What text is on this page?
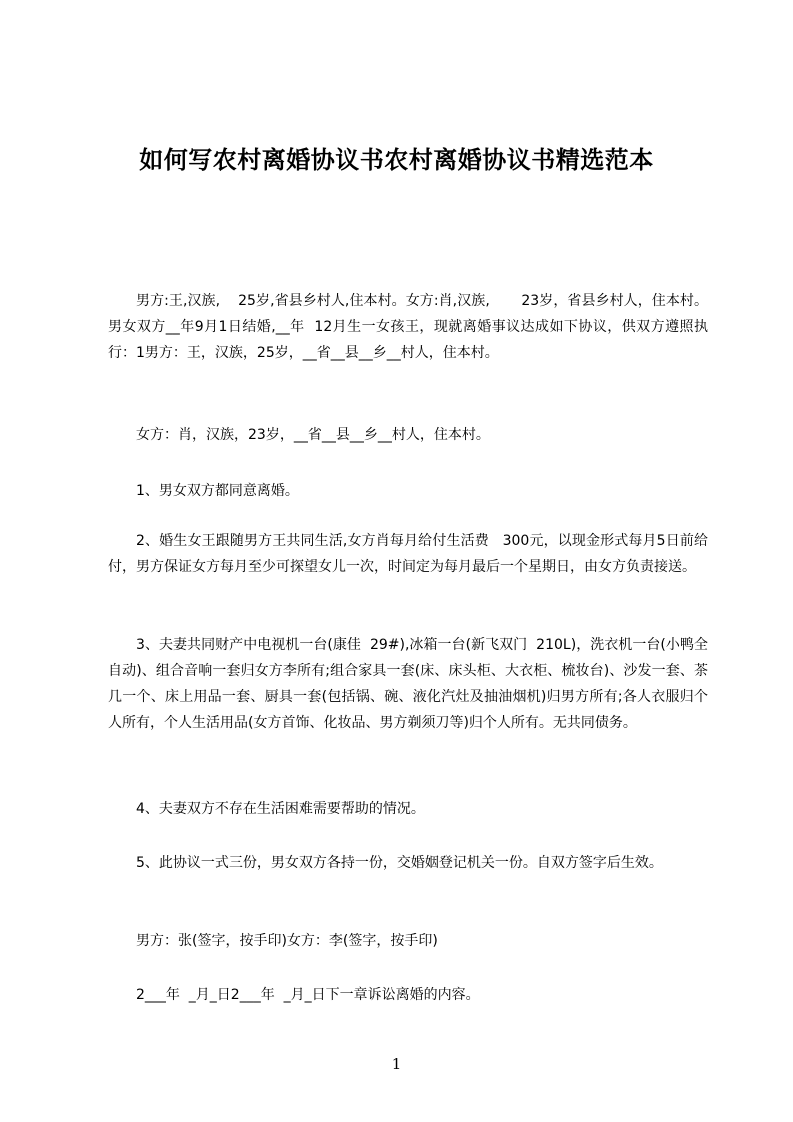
如何写农村离婚协议书农村离婚协议书精选范本

男方:王,汉族,    25岁,省县乡村人,住本村。女方:肖,汉族,       23岁，省县乡村人，住本村。男女双方__年9月1日结婚,__年  12月生一女孩王，现就离婚事议达成如下协议，供双方遵照执行：1男方：王，汉族，25岁，__省__县__乡__村人，住本村。

女方：肖，汉族，23岁，__省__县__乡__村人，住本村。

1、男女双方都同意离婚。

2、婚生女王跟随男方王共同生活,女方肖每月给付生活费   300元，以现金形式每月5日前给付，男方保证女方每月至少可探望女儿一次，时间定为每月最后一个星期日，由女方负责接送。

3、夫妻共同财产中电视机一台(康佳  29#),冰箱一台(新飞双门  210L)，洗衣机一台(小鸭全自动)、组合音响一套归女方李所有;组合家具一套(床、床头柜、大衣柜、梳妆台)、沙发一套、茶几一个、床上用品一套、厨具一套(包括锅、碗、液化汽灶及抽油烟机)归男方所有;各人衣服归个人所有，个人生活用品(女方首饰、化妆品、男方剃须刀等)归个人所有。无共同债务。

4、夫妻双方不存在生活困难需要帮助的情况。

5、此协议一式三份，男女双方各持一份，交婚姻登记机关一份。自双方签字后生效。

男方：张(签字，按手印)女方：李(签字，按手印)

2___年  _月_日2___年  _月_日下一章诉讼离婚的内容。

1
